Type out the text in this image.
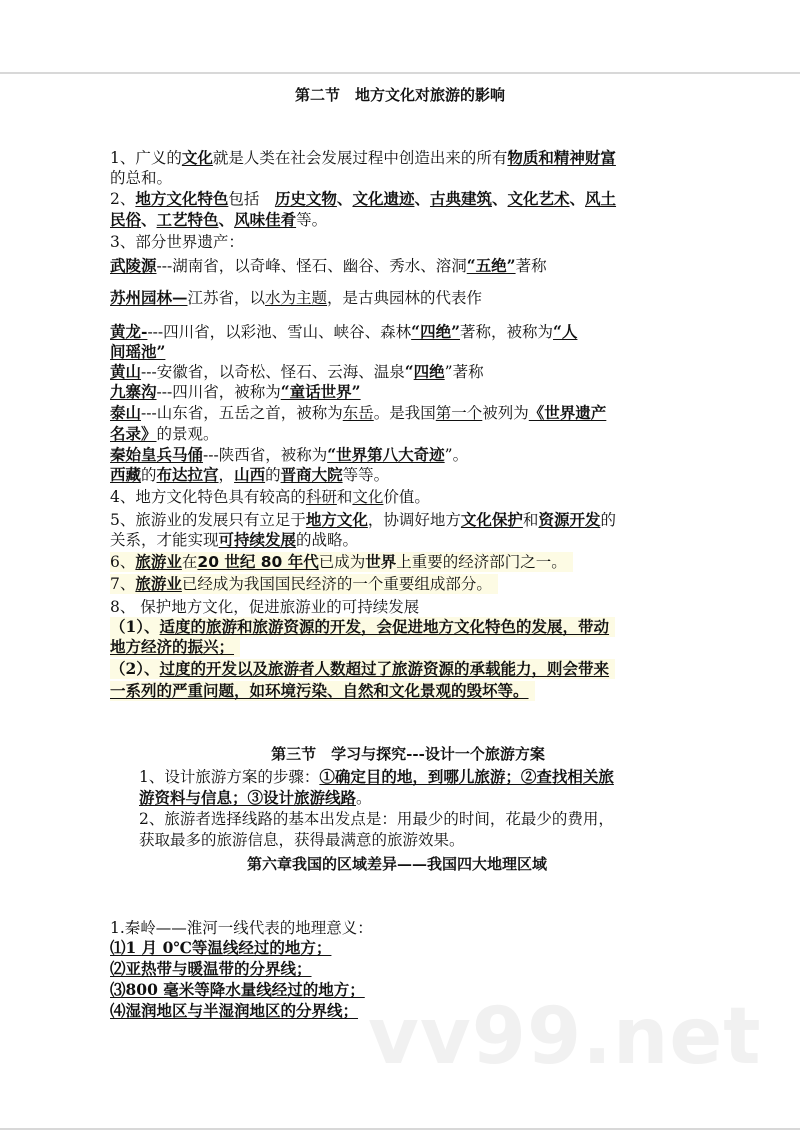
第二节　地方文化对旅游的影响
1、广义的文化就是人类在社会发展过程中创造出来的所有物质和精神财富
的总和。
2、地方文化特色包括　历史文物、文化遗迹、古典建筑、文化艺术、风土
民俗、工艺特色、风味佳肴等。
3、部分世界遗产：
武陵源---湖南省，以奇峰、怪石、幽谷、秀水、溶洞“五绝”著称
苏州园林—江苏省，以水为主题，是古典园林的代表作
黄龙----四川省，以彩池、雪山、峡谷、森林“四绝”著称，被称为“人
间瑶池”
黄山---安徽省，以奇松、怪石、云海、温泉“四绝”著称
九寨沟---四川省，被称为“童话世界”
泰山---山东省，五岳之首，被称为东岳。是我国第一个被列为《世界遗产
名录》的景观。
秦始皇兵马俑---陕西省，被称为“世界第八大奇迹”。
西藏的布达拉宫，山西的晋商大院等等。
4、地方文化特色具有较高的科研和文化价值。
5、旅游业的发展只有立足于地方文化，协调好地方文化保护和资源开发的
关系，才能实现可持续发展的战略。
6、旅游业在20 世纪 80 年代已成为世界上重要的经济部门之一。
7、旅游业已经成为我国国民经济的一个重要组成部分。
8、 保护地方文化，促进旅游业的可持续发展
（1）、适度的旅游和旅游资源的开发，会促进地方文化特色的发展，带动
地方经济的振兴；
（2）、过度的开发以及旅游者人数超过了旅游资源的承载能力，则会带来
一系列的严重问题，如环境污染、自然和文化景观的毁坏等。
第三节　学习与探究---设计一个旅游方案
1、设计旅游方案的步骤：①确定目的地，到哪儿旅游；②查找相关旅
游资料与信息；③设计旅游线路。
2、旅游者选择线路的基本出发点是：用最少的时间，花最少的费用，
获取最多的旅游信息，获得最满意的旅游效果。
第六章我国的区域差异——我国四大地理区域
1.秦岭——淮河一线代表的地理意义：
⑴1 月 0℃等温线经过的地方；
⑵亚热带与暖温带的分界线；
⑶800 毫米等降水量线经过的地方；
⑷湿润地区与半湿润地区的分界线； vv99.net
